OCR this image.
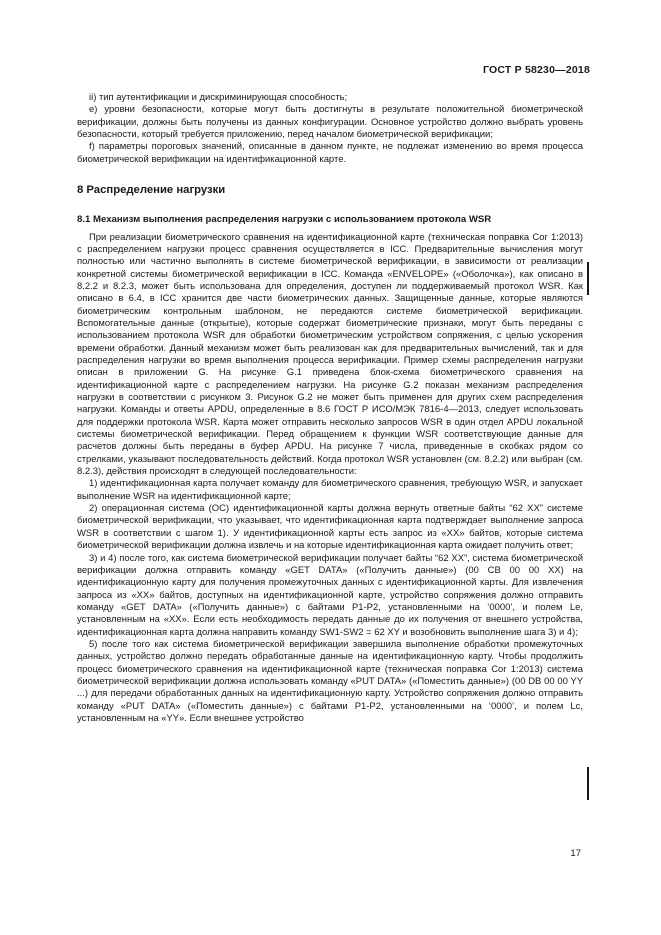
ГОСТ Р 58230—2018

ii) тип аутентификации и дискриминирующая способность;

e) уровни безопасности, которые могут быть достигнуты в результате положительной биометрической верификации, должны быть получены из данных конфигурации. Основное устройство должно выбрать уровень безопасности, который требуется приложению, перед началом биометрической верификации;

f) параметры пороговых значений, описанные в данном пункте, не подлежат изменению во время процесса биометрической верификации на идентификационной карте.

8 Распределение нагрузки
8.1 Механизм выполнения распределения нагрузки с использованием протокола WSR

При реализации биометрического сравнения на идентификационной карте (техническая поправка Cor 1:2013) с распределением нагрузки процесс сравнения осуществляется в ICC. Предварительные вычисления могут полностью или частично выполнять в системе биометрической верификации, в зависимости от реализации конкретной системы биометрической верификации в ICC. Команда «ENVELOPE» («Оболочка»), как описано в 8.2.2 и 8.2.3, может быть использована для определения, доступен ли поддерживаемый протокол WSR. Как описано в 6.4, в ICC хранится две части биометрических данных. Защищенные данные, которые являются биометрическим контрольным шаблоном, не передаются системе биометрической верификации. Вспомогательные данные (открытые), которые содержат биометрические признаки, могут быть переданы с использованием протокола WSR для обработки биометрическим устройством сопряжения, с целью ускорения времени обработки. Данный механизм может быть реализован как для предварительных вычислений, так и для распределения нагрузки во время выполнения процесса верификации. Пример схемы распределения нагрузки описан в приложении G. На рисунке G.1 приведена блок-схема биометрического сравнения на идентификационной карте с распределением нагрузки. На рисунке G.2 показан механизм распределения нагрузки в соответствии с рисунком 3. Рисунок G.2 не может быть применен для других схем распределения нагрузки. Команды и ответы APDU, определенные в 8.6 ГОСТ Р ИСО/МЭК 7816-4—2013, следует использовать для поддержки протокола WSR. Карта может отправить несколько запросов WSR в один отдел APDU локальной системы биометрической верификации. Перед обращением к функции WSR соответствующие данные для расчетов должны быть переданы в буфер APDU. На рисунке 7 числа, приведенные в скобках рядом со стрелками, указывают последовательность действий. Когда протокол WSR установлен (см. 8.2.2) или выбран (см. 8.2.3), действия происходят в следующей последовательности:

1) идентификационная карта получает команду для биометрического сравнения, требующую WSR, и запускает выполнение WSR на идентификационной карте;

2) операционная система (OC) идентификационной карты должна вернуть ответные байты “62 XX” системе биометрической верификации, что указывает, что идентификационная карта подтверждает выполнение запроса WSR в соответствии с шагом 1). У идентификационной карты есть запрос из «XX» байтов, которые система биометрической верификации должна извлечь и на которые идентификационная карта ожидает получить ответ;

3) и 4) после того, как система биометрической верификации получает байты “62 XX”, система биометрической верификации должна отправить команду «GET DATA» («Получить данные») (00 CB 00 00 XX) на идентификационную карту для получения промежуточных данных с идентификационной карты. Для извлечения запроса из «XX» байтов, доступных на идентификационной карте, устройство сопряжения должно отправить команду «GET DATA» («Получить данные») с байтами P1-P2, установленными на ‘0000’, и полем Le, установленным на «XX». Если есть необходимость передать данные до их получения от внешнего устройства, идентификационная карта должна направить команду SW1-SW2 = 62 XY и возобновить выполнение шага 3) и 4);

5) после того как система биометрической верификации завершила выполнение обработки промежуточных данных, устройство должно передать обработанные данные на идентификационную карту. Чтобы продолжить процесс биометрического сравнения на идентификационной карте (техническая поправка Cor 1:2013) система биометрической верификации должна использовать команду «PUT DATA» («Поместить данные») (00 DB 00 00 YY ...) для передачи обработанных данных на идентификационную карту. Устройство сопряжения должно отправить команду «PUT DATA» («Поместить данные») с байтами P1-P2, установленными на ‘0000’, и полем Lc, установленным на «YY». Если внешнее устройство

17
